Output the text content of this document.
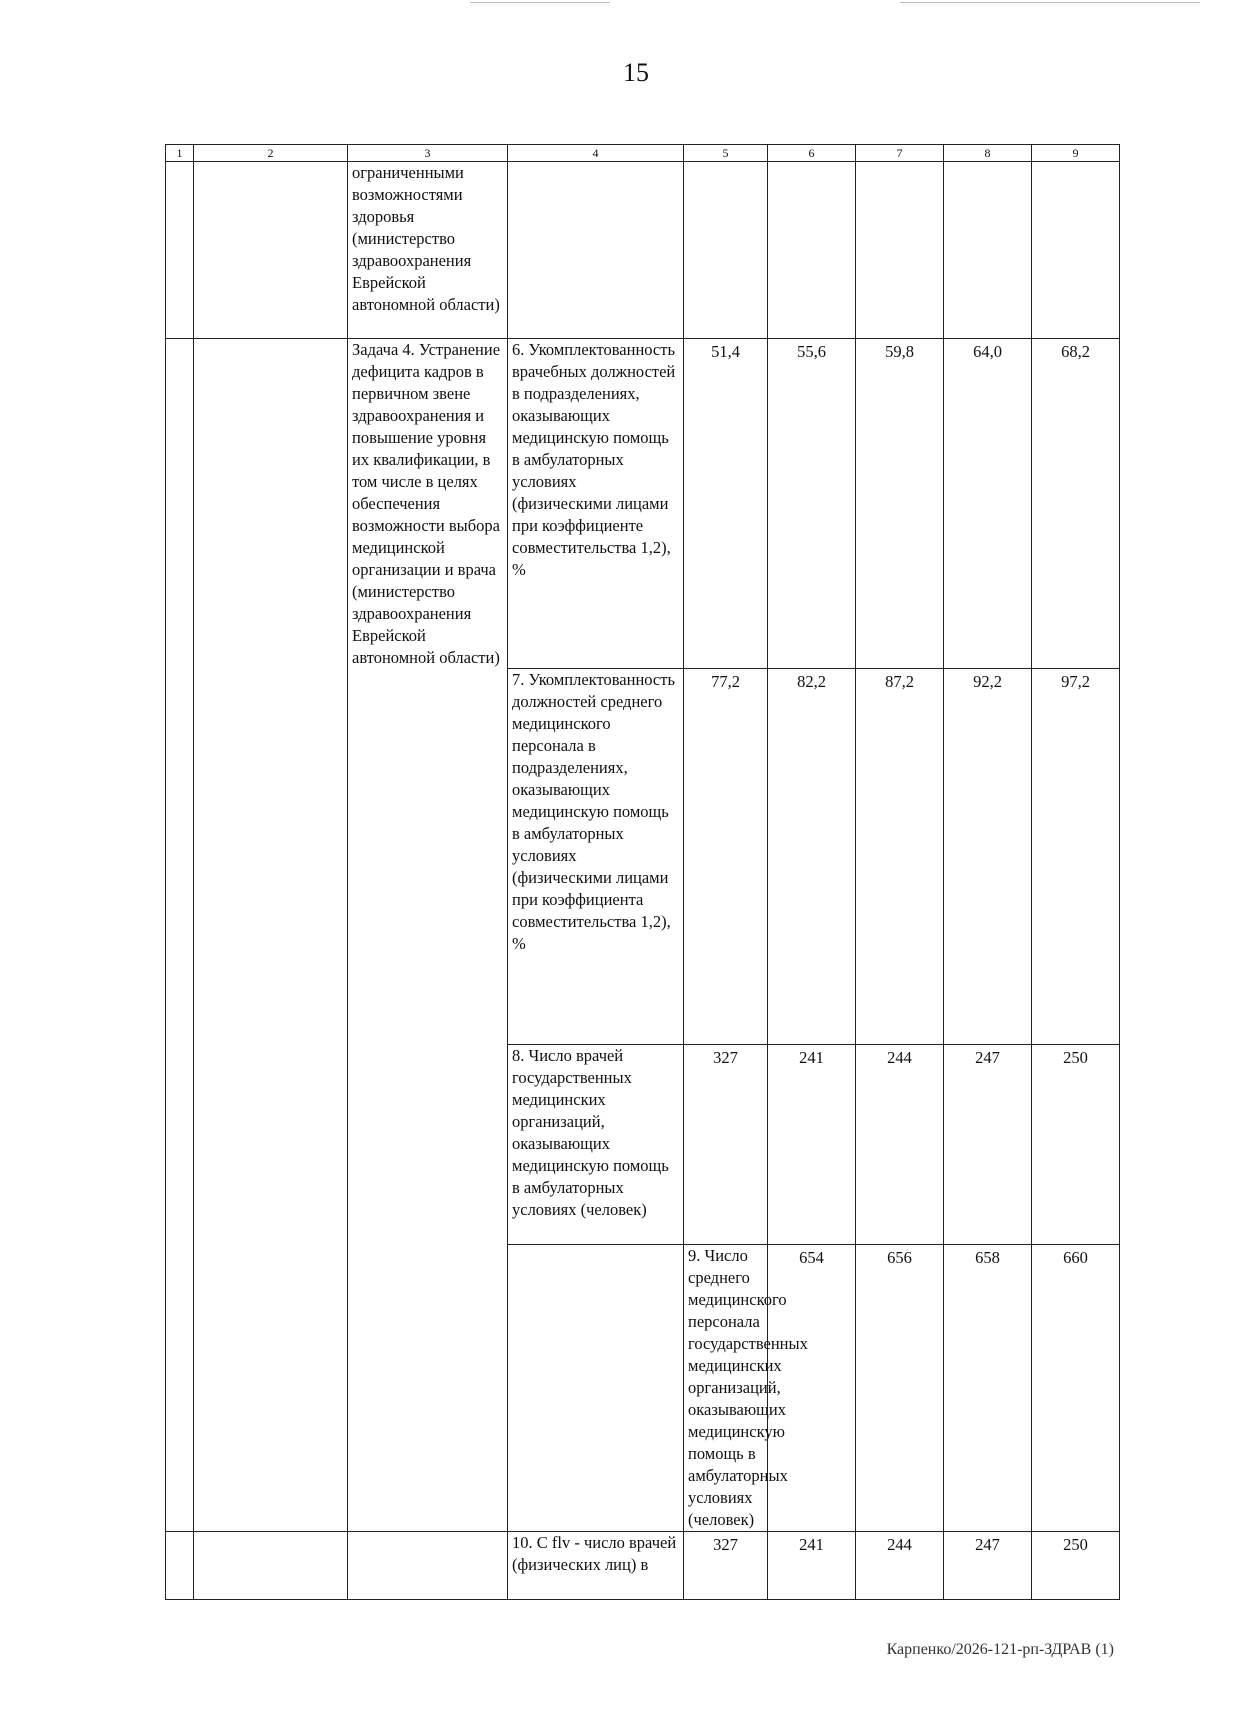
15
1	2	3	4	5	6	7	8	9	
		ограниченными возможностями здоровья (министерство здравоохранения Еврейской автономной области)							
		Задача 4. Устранение дефицита кадров в первичном звене здравоохранения и повышение уровня их квалификации, в том числе в целях обеспечения возможности выбора медицинской организации и врача (министерство здравоохранения Еврейской автономной области)	6. Укомплектованность врачебных должностей в подразделениях, оказывающих медицинскую помощь в амбулаторных условиях (физическими лицами при коэффициенте совместительства 1,2), %	51,4	55,6	59,8	64,0	68,2	
			7. Укомплектованность должностей среднего медицинского персонала в подразделениях, оказывающих медицинскую помощь в амбулаторных условиях (физическими лицами при коэффициента совместительства 1,2), %	77,2	82,2	87,2	92,2	97,2	
			8. Число врачей государственных медицинских организаций, оказывающих медицинскую помощь в амбулаторных условиях (человек)	327	241	244	247	250	
				9. Число среднего медицинского персонала государственных медицинских организаций, оказывающих медицинскую помощь в амбулаторных условиях (человек)	654	656	658	660	
			10. С flv - число врачей (физических лиц) в	327	241	244	247	250	
Карпенко/2026-121-рп-ЗДРАВ (1)
